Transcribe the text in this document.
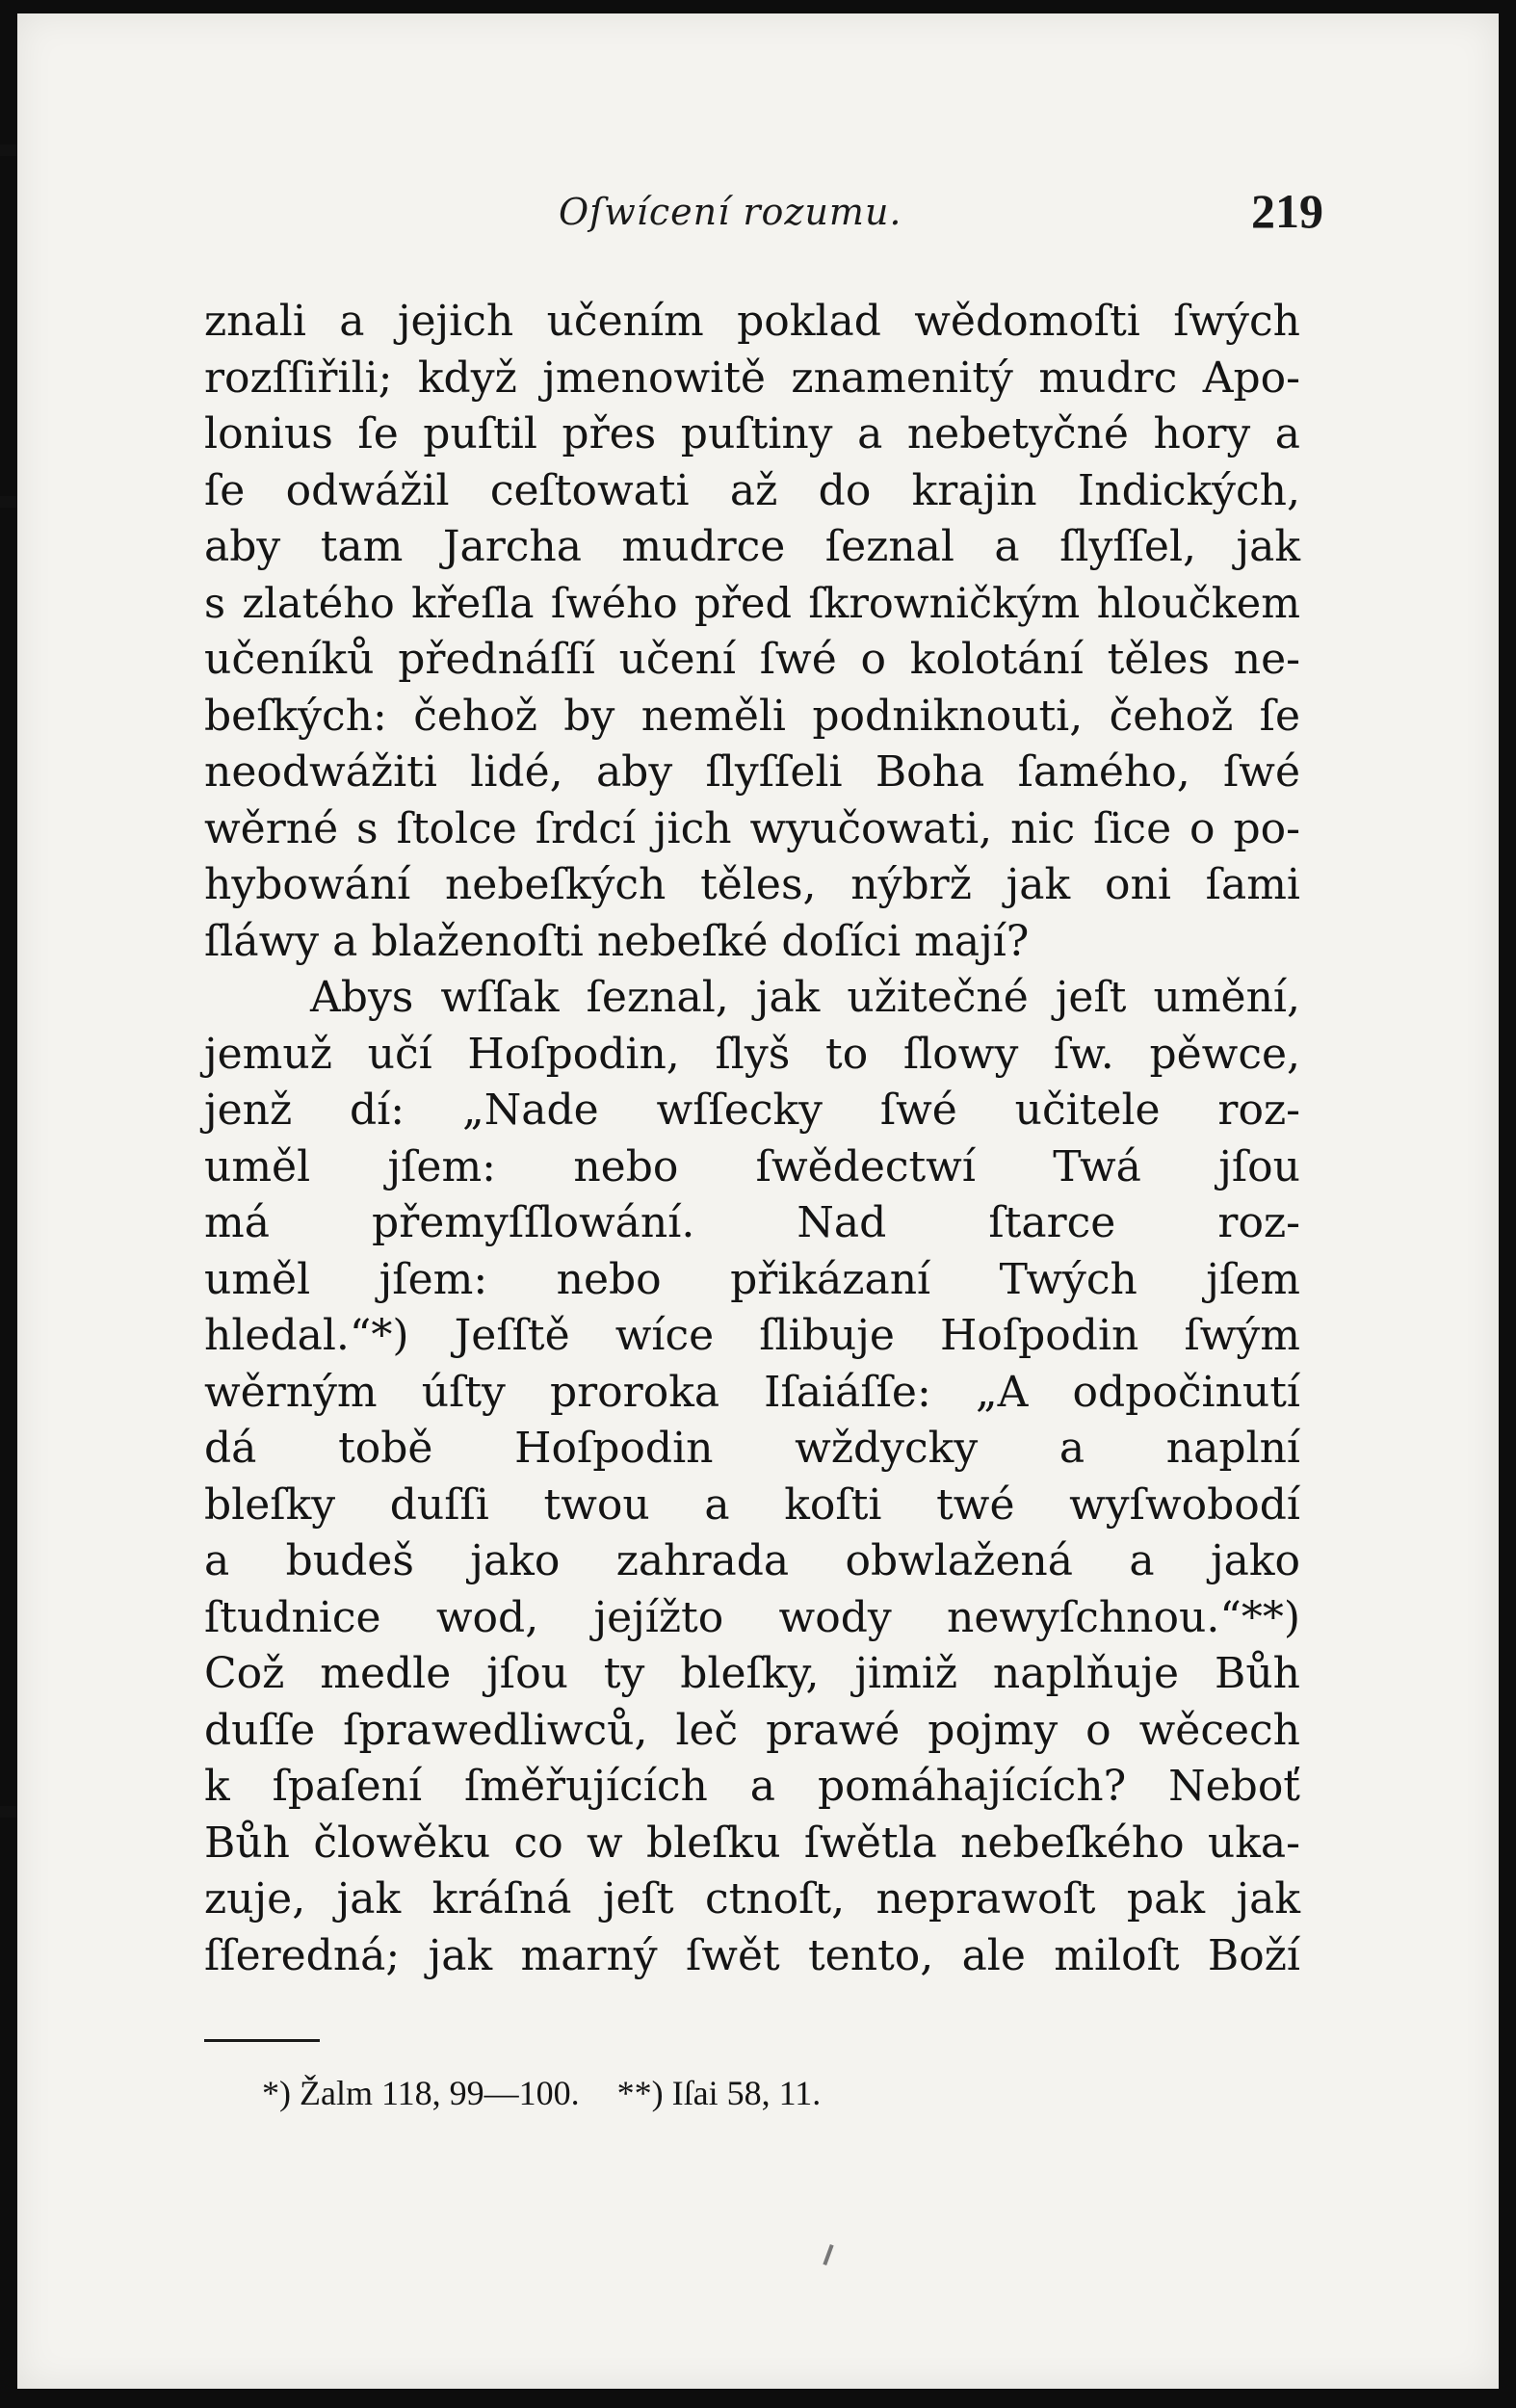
Oſwícení rozumu.	219
znali a jejich učením poklad wědomoſti ſwých
rozſſiřili; když jmenowitě znamenitý mudrc Apo-
lonius ſe puſtil přes puſtiny a nebetyčné hory a
ſe odwážil ceſtowati až do krajin Indických,
aby tam Jarcha mudrce ſeznal a ſlyſſel, jak
s zlatého křeſla ſwého před ſkrowničkým hloučkem
učeníků přednáſſí učení ſwé o kolotání těles ne-
beſkých: čehož by neměli podniknouti, čehož ſe
neodwážiti lidé, aby ſlyſſeli Boha ſamého, ſwé
wěrné s ſtolce ſrdcí jich wyučowati, nic ſice o po-
hybowání nebeſkých těles, nýbrž jak oni ſami
ſláwy a blaženoſti nebeſké doſíci mají?
Abys wſſak ſeznal, jak užitečné jeſt umění,
jemuž učí Hoſpodin, ſlyš to ſlowy ſw. pěwce,
jenž dí: „Nade wſſecky ſwé učitele roz-
uměl jſem: nebo ſwědectwí Twá jſou
má přemyſſlowání. Nad ſtarce roz-
uměl jſem: nebo přikázaní Twých jſem
hledal.“*) Jeſſtě wíce ſlibuje Hoſpodin ſwým
wěrným úſty proroka Iſaiáſſe: „A odpočinutí
dá tobě Hoſpodin wždycky a naplní
bleſky duſſi twou a koſti twé wyſwobodí
a budeš jako zahrada obwlažená a jako
ſtudnice wod, jejížto wody newyſchnou.“**)
Což medle jſou ty bleſky, jimiž naplňuje Bůh
duſſe ſprawedliwců, leč prawé pojmy o wěcech
k ſpaſení ſměřujících a pomáhajících? Neboť
Bůh člowěku co w bleſku ſwětla nebeſkého uka-
zuje, jak kráſná jeſt ctnoſt, neprawoſt pak jak
ſſeredná; jak marný ſwět tento, ale miloſt Boží
*) Žalm 118, 99—100. **) Iſai 58, 11.
